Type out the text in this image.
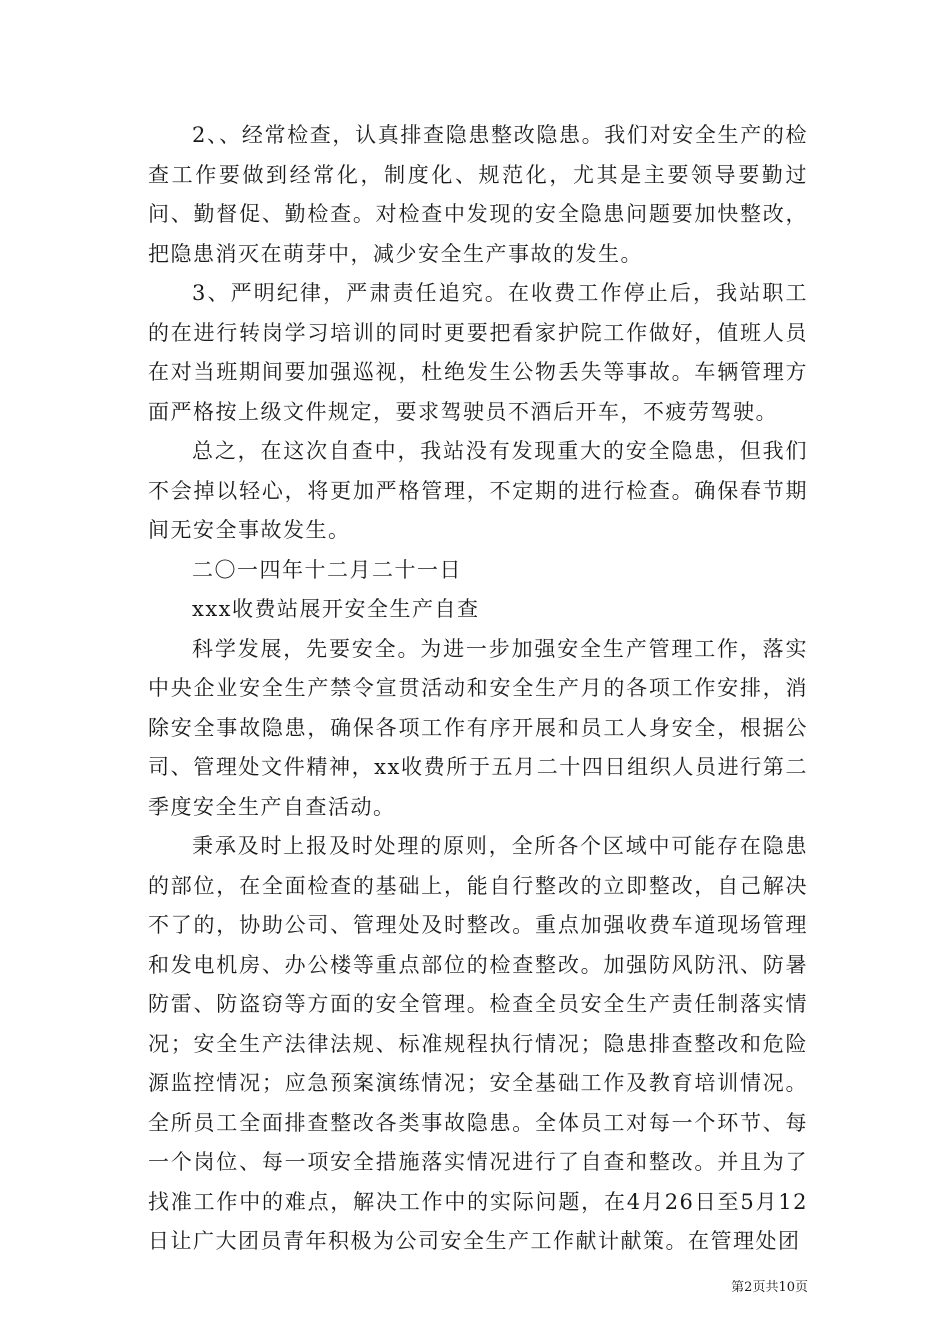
2、、经常检查，认真排查隐患整改隐患。我们对安全生产的检查工作要做到经常化，制度化、规范化，尤其是主要领导要勤过问、勤督促、勤检查。对检查中发现的安全隐患问题要加快整改，把隐患消灭在萌芽中，减少安全生产事故的发生。

3、严明纪律，严肃责任追究。在收费工作停止后，我站职工的在进行转岗学习培训的同时更要把看家护院工作做好，值班人员在对当班期间要加强巡视，杜绝发生公物丢失等事故。车辆管理方面严格按上级文件规定，要求驾驶员不酒后开车，不疲劳驾驶。

总之，在这次自查中，我站没有发现重大的安全隐患，但我们不会掉以轻心，将更加严格管理，不定期的进行检查。确保春节期间无安全事故发生。

二〇一四年十二月二十一日

xxx收费站展开安全生产自查

科学发展，先要安全。为进一步加强安全生产管理工作，落实中央企业安全生产禁令宣贯活动和安全生产月的各项工作安排，消除安全事故隐患，确保各项工作有序开展和员工人身安全，根据公司、管理处文件精神，xx收费所于五月二十四日组织人员进行第二季度安全生产自查活动。

秉承及时上报及时处理的原则，全所各个区域中可能存在隐患的部位，在全面检查的基础上，能自行整改的立即整改，自己解决不了的，协助公司、管理处及时整改。重点加强收费车道现场管理和发电机房、办公楼等重点部位的检查整改。加强防风防汛、防暑防雷、防盗窃等方面的安全管理。检查全员安全生产责任制落实情况；安全生产法律法规、标准规程执行情况；隐患排查整改和危险源监控情况；应急预案演练情况；安全基础工作及教育培训情况。全所员工全面排查整改各类事故隐患。全体员工对每一个环节、每一个岗位、每一项安全措施落实情况进行了自查和整改。并且为了找准工作中的难点，解决工作中的实际问题，在4月26日至5月12日让广大团员青年积极为公司安全生产工作献计献策。在管理处团

第2页共10页
